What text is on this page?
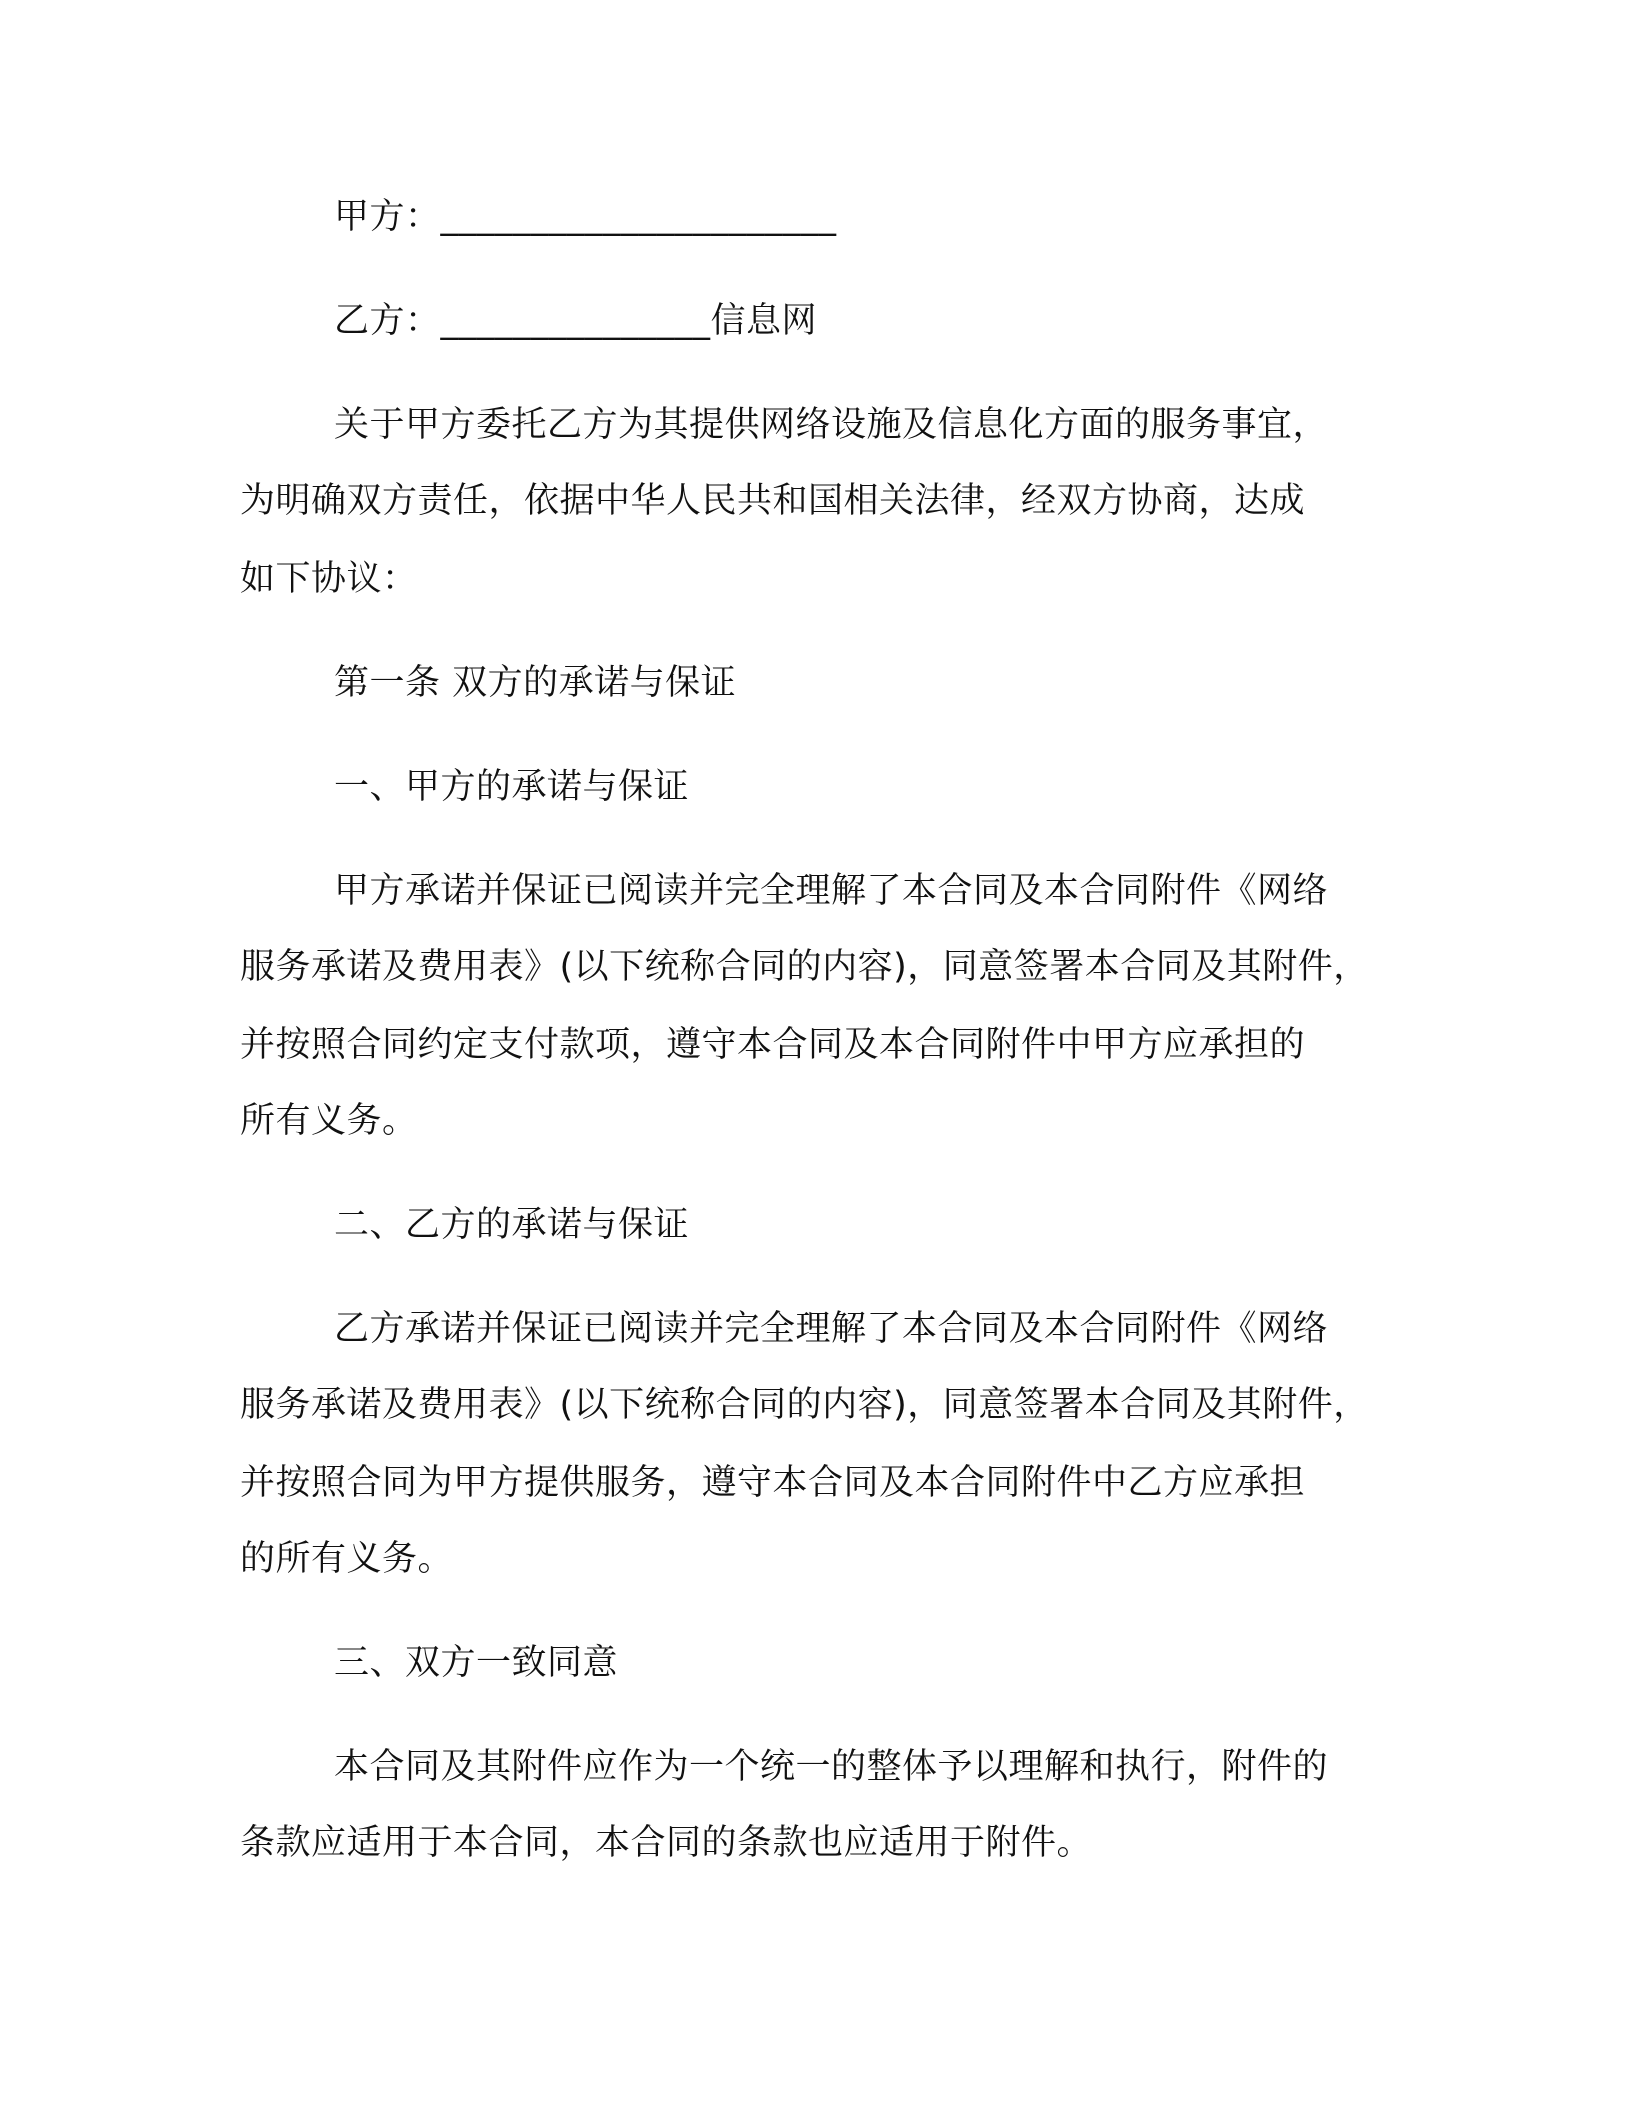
甲方：______________________

乙方：_______________信息网

关于甲方委托乙方为其提供网络设施及信息化方面的服务事宜，

为明确双方责任，依据中华人民共和国相关法律，经双方协商，达成

如下协议：

第一条 双方的承诺与保证

一、甲方的承诺与保证

甲方承诺并保证已阅读并完全理解了本合同及本合同附件《网络

服务承诺及费用表》(以下统称合同的内容)，同意签署本合同及其附件，

并按照合同约定支付款项，遵守本合同及本合同附件中甲方应承担的

所有义务。

二、乙方的承诺与保证

乙方承诺并保证已阅读并完全理解了本合同及本合同附件《网络

服务承诺及费用表》(以下统称合同的内容)，同意签署本合同及其附件，

并按照合同为甲方提供服务，遵守本合同及本合同附件中乙方应承担

的所有义务。

三、双方一致同意

本合同及其附件应作为一个统一的整体予以理解和执行，附件的

条款应适用于本合同，本合同的条款也应适用于附件。
